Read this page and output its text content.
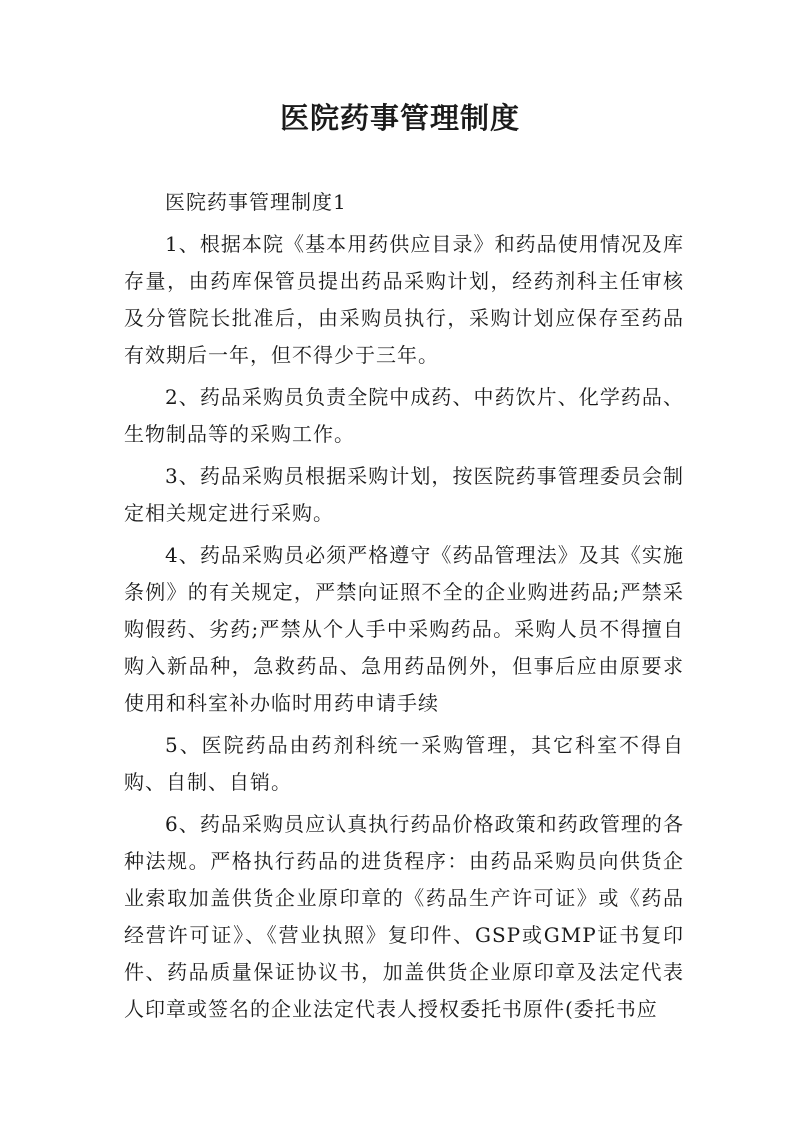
医院药事管理制度

医院药事管理制度1

1、根据本院《基本用药供应目录》和药品使用情况及库存量，由药库保管员提出药品采购计划，经药剂科主任审核及分管院长批准后，由采购员执行，采购计划应保存至药品有效期后一年，但不得少于三年。

2、药品采购员负责全院中成药、中药饮片、化学药品、生物制品等的采购工作。

3、药品采购员根据采购计划，按医院药事管理委员会制定相关规定进行采购。

4、药品采购员必须严格遵守《药品管理法》及其《实施条例》的有关规定，严禁向证照不全的企业购进药品;严禁采购假药、劣药;严禁从个人手中采购药品。采购人员不得擅自购入新品种，急救药品、急用药品例外，但事后应由原要求使用和科室补办临时用药申请手续

5、医院药品由药剂科统一采购管理，其它科室不得自购、自制、自销。

6、药品采购员应认真执行药品价格政策和药政管理的各种法规。严格执行药品的进货程序：由药品采购员向供货企业索取加盖供货企业原印章的《药品生产许可证》或《药品经营许可证》、《营业执照》复印件、GSP或GMP证书复印件、药品质量保证协议书，加盖供货企业原印章及法定代表人印章或签名的企业法定代表人授权委托书原件(委托书应
